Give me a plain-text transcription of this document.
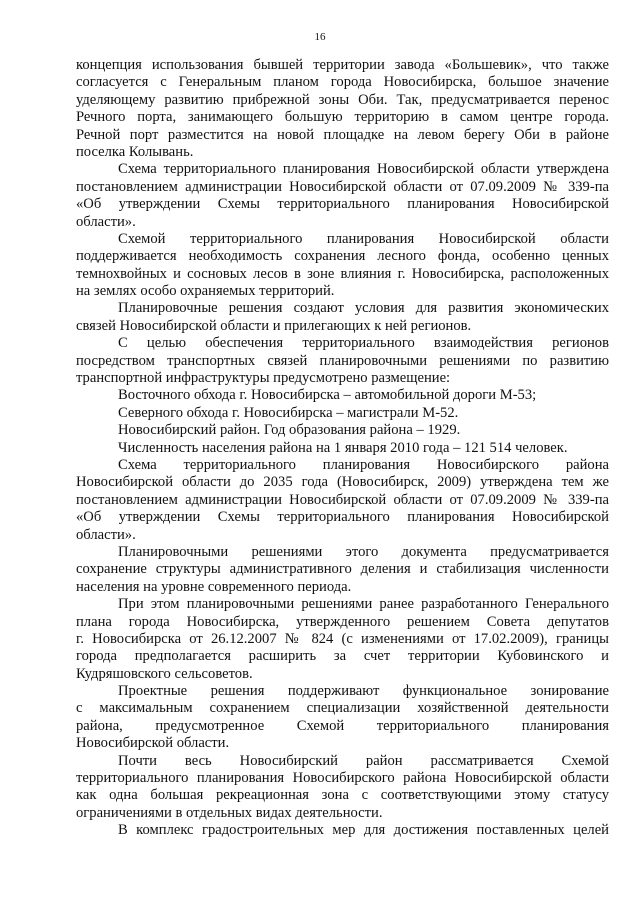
16
концепция использования бывшей территории завода «Большевик», что также
согласуется с Генеральным планом города Новосибирска, большое значение
уделяющему развитию прибрежной зоны Оби. Так, предусматривается перенос
Речного порта, занимающего большую территорию в самом центре города.
Речной порт разместится на новой площадке на левом берегу Оби в районе
поселка Колывань.
Схема территориального планирования Новосибирской области утверждена
постановлением администрации Новосибирской области от 07.09.2009 № 339-па
«Об утверждении Схемы территориального планирования Новосибирской
области».
Схемой территориального планирования Новосибирской области
поддерживается необходимость сохранения лесного фонда, особенно ценных
темнохвойных и сосновых лесов в зоне влияния г. Новосибирска, расположенных
на землях особо охраняемых территорий.
Планировочные решения создают условия для развития экономических
связей Новосибирской области и прилегающих к ней регионов.
С целью обеспечения территориального взаимодействия регионов
посредством транспортных связей планировочными решениями по развитию
транспортной инфраструктуры предусмотрено размещение:
Восточного обхода г. Новосибирска – автомобильной дороги М-53;
Северного обхода г. Новосибирска – магистрали М-52.
Новосибирский район. Год образования района – 1929.
Численность населения района на 1 января 2010 года – 121 514 человек.
Схема территориального планирования Новосибирского района
Новосибирской области до 2035 года (Новосибирск, 2009) утверждена тем же
постановлением администрации Новосибирской области от 07.09.2009 № 339-па
«Об утверждении Схемы территориального планирования Новосибирской
области».
Планировочными решениями этого документа предусматривается
сохранение структуры административного деления и стабилизация численности
населения на уровне современного периода.
При этом планировочными решениями ранее разработанного Генерального
плана города Новосибирска, утвержденного решением Совета депутатов
г. Новосибирска от 26.12.2007 № 824 (с изменениями от 17.02.2009), границы
города предполагается расширить за счет территории Кубовинского и
Кудряшовского сельсоветов.
Проектные решения поддерживают функциональное зонирование
с максимальным сохранением специализации хозяйственной деятельности
района, предусмотренное Схемой территориального планирования
Новосибирской области.
Почти весь Новосибирский район рассматривается Схемой
территориального планирования Новосибирского района Новосибирской области
как одна большая рекреационная зона с соответствующими этому статусу
ограничениями в отдельных видах деятельности.
В комплекс градостроительных мер для достижения поставленных целей
